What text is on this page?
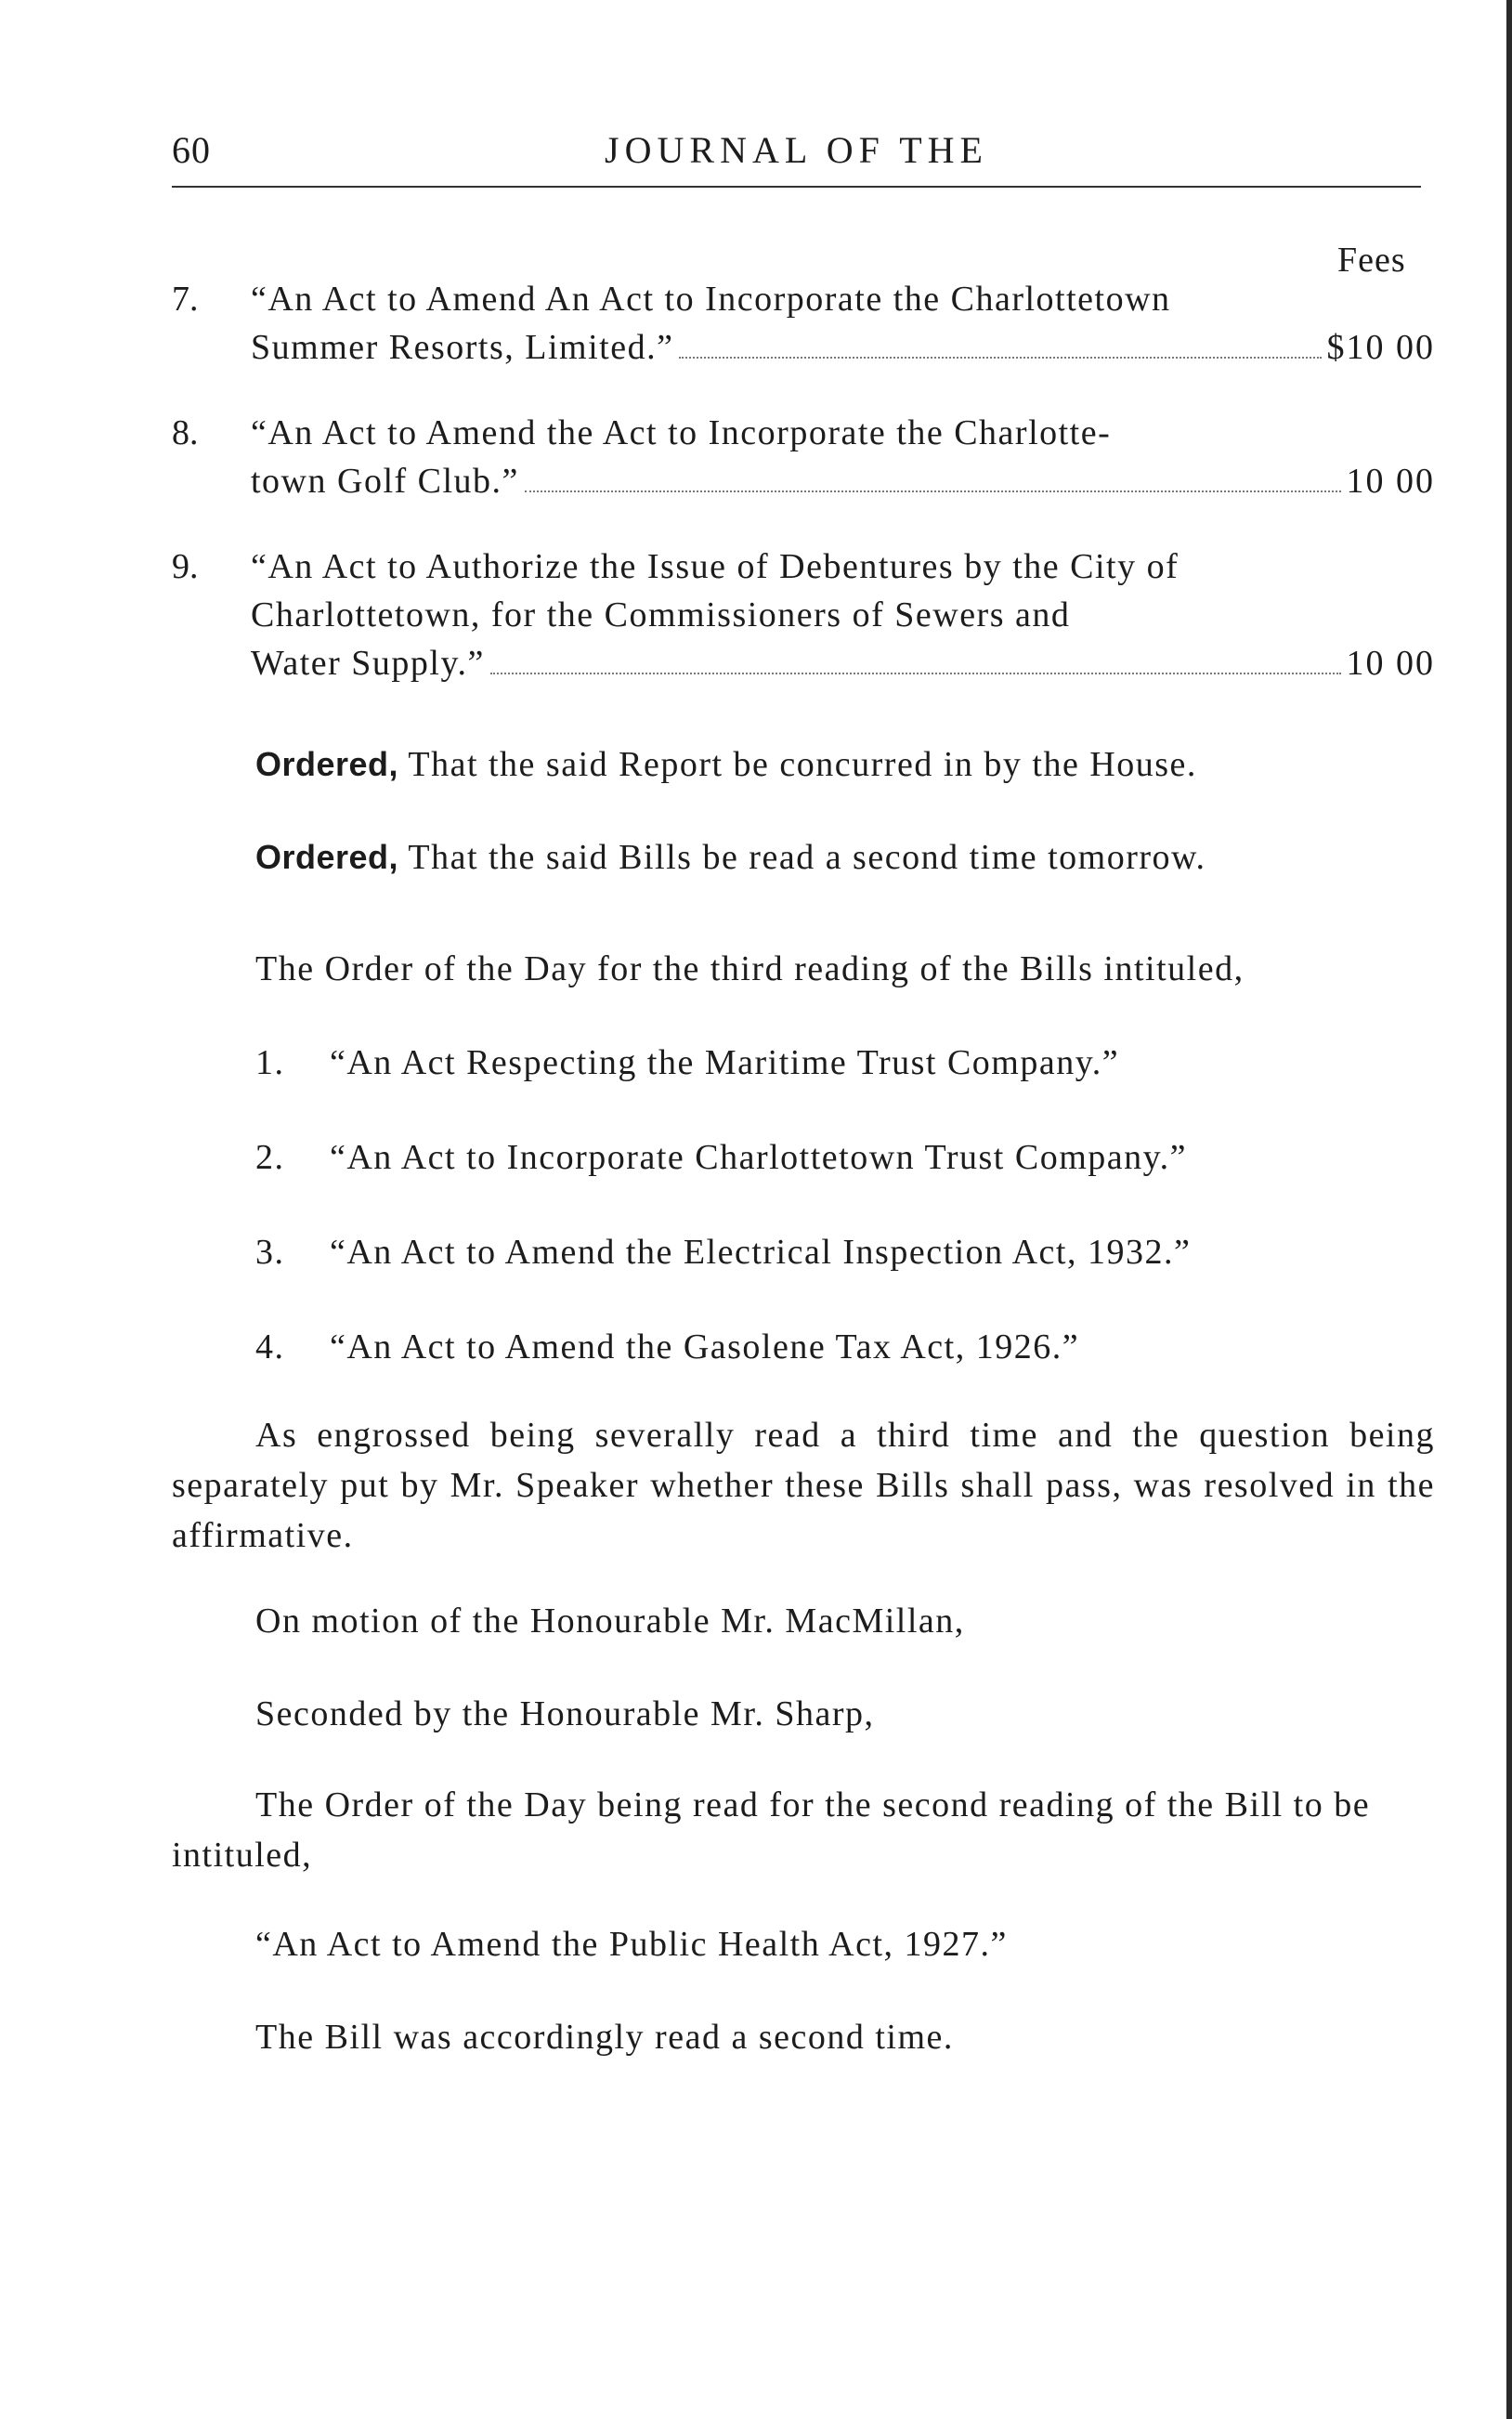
60	JOURNAL OF THE
Fees
7. “An Act to Amend An Act to Incorporate the Charlottetown
Summer Resorts, Limited.”	$10 00
8. “An Act to Amend the Act to Incorporate the Charlotte-
town Golf Club.”	10 00
9. “An Act to Authorize the Issue of Debentures by the City of
Charlottetown, for the Commissioners of Sewers and
Water Supply.”	10 00

Ordered, That the said Report be concurred in by the House.

Ordered, That the said Bills be read a second time tomorrow.

The Order of the Day for the third reading of the Bills intituled,

1.	“An Act Respecting the Maritime Trust Company.”
2.	“An Act to Incorporate Charlottetown Trust Company.”
3.	“An Act to Amend the Electrical Inspection Act, 1932.”
4.	“An Act to Amend the Gasolene Tax Act, 1926.”

As engrossed being severally read a third time and the question being separately put by Mr. Speaker whether these Bills shall pass, was resolved in the affirmative.

On motion of the Honourable Mr. MacMillan,

Seconded by the Honourable Mr. Sharp,

The Order of the Day being read for the second reading of the Bill to be intituled,

“An Act to Amend the Public Health Act, 1927.”

The Bill was accordingly read a second time.
